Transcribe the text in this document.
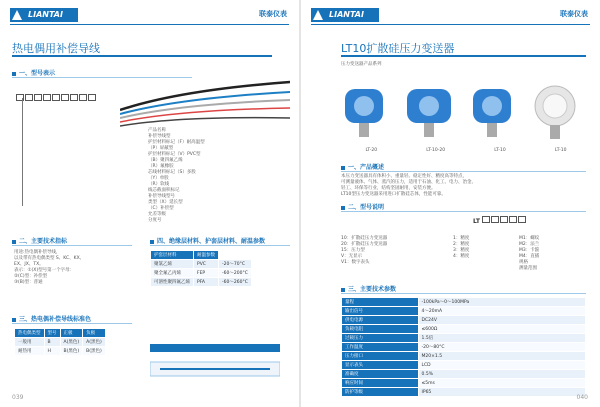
LIANTAI	联泰仪表
热电偶用补偿导线
一、型号表示
产品名称
补偿导线型
护层材料标记（F）耐高温型
（P）屏蔽型
护层材料标记（V）PVC型
（B）聚四氟乙烯
（R）氟橡胶
芯线材料标记（S）多股
（Y）单股
（R）软线
线芯截面积标记
补偿导线型号
类型（X）延长型
（C）补偿型
允差等级
分度号
二、主要技术指标
用途:热电偶补偿导线，
以及带有热电偶类型 S、KC、KX、
EX、JX、TX。
表示：①(X)型号第一个字母：
②(C)型：补偿型
③(B)型：普通
三、热电偶补偿导线标准色
热电偶类型	型号	正极	负极
一般用	B	A(黑色)	A(黑色)
耐热用	H	B(黑色)	B(黑色)
四、绝缘层材料、护套层材料、耐温参数
护套层材料	耐温参数	
聚氯乙烯	PVC	-20～70°C
聚全氟乙丙烯	FEP	-60～200°C
可溶性聚四氟乙烯	PFA	-60～260°C
039
LIANTAI	联泰仪表
LT10扩散硅压力变送器
压力变送器产品系列
LT-20	LT-10-20	LT-10	LT-10
一、产品概述
本压力变送器具有体积小、重量轻、稳定性好、精度高等特点，
可测量液体、气体、蒸汽的压力，适用于石油、化工、电力、冶金、
轻工、环保等行业，结构坚固耐用，安装方便。
LT10型压力变送器采用进口扩散硅芯体，性能可靠。
二、型号说明
LT
10：扩散硅压力变送器
20：扩散硅压力变送器
15：压力型
V：无显示
V1：数字表头
1：精度
2：精度
3：精度
4：精度
M1：螺纹
M2：法兰
M3：卡箍
M4：直插
规格
测量范围
三、主要技术参数
量程	-100kPa～0～100MPa
输出信号	4～20mA
供电电源	DC24V
负载电阻	≤600Ω
过载压力	1.5倍
工作温度	-20～80°C
压力接口	M20×1.5
显示表头	LCD
准确度	0.5%
响应时间	≤5ms
防护等级	IP65
040
